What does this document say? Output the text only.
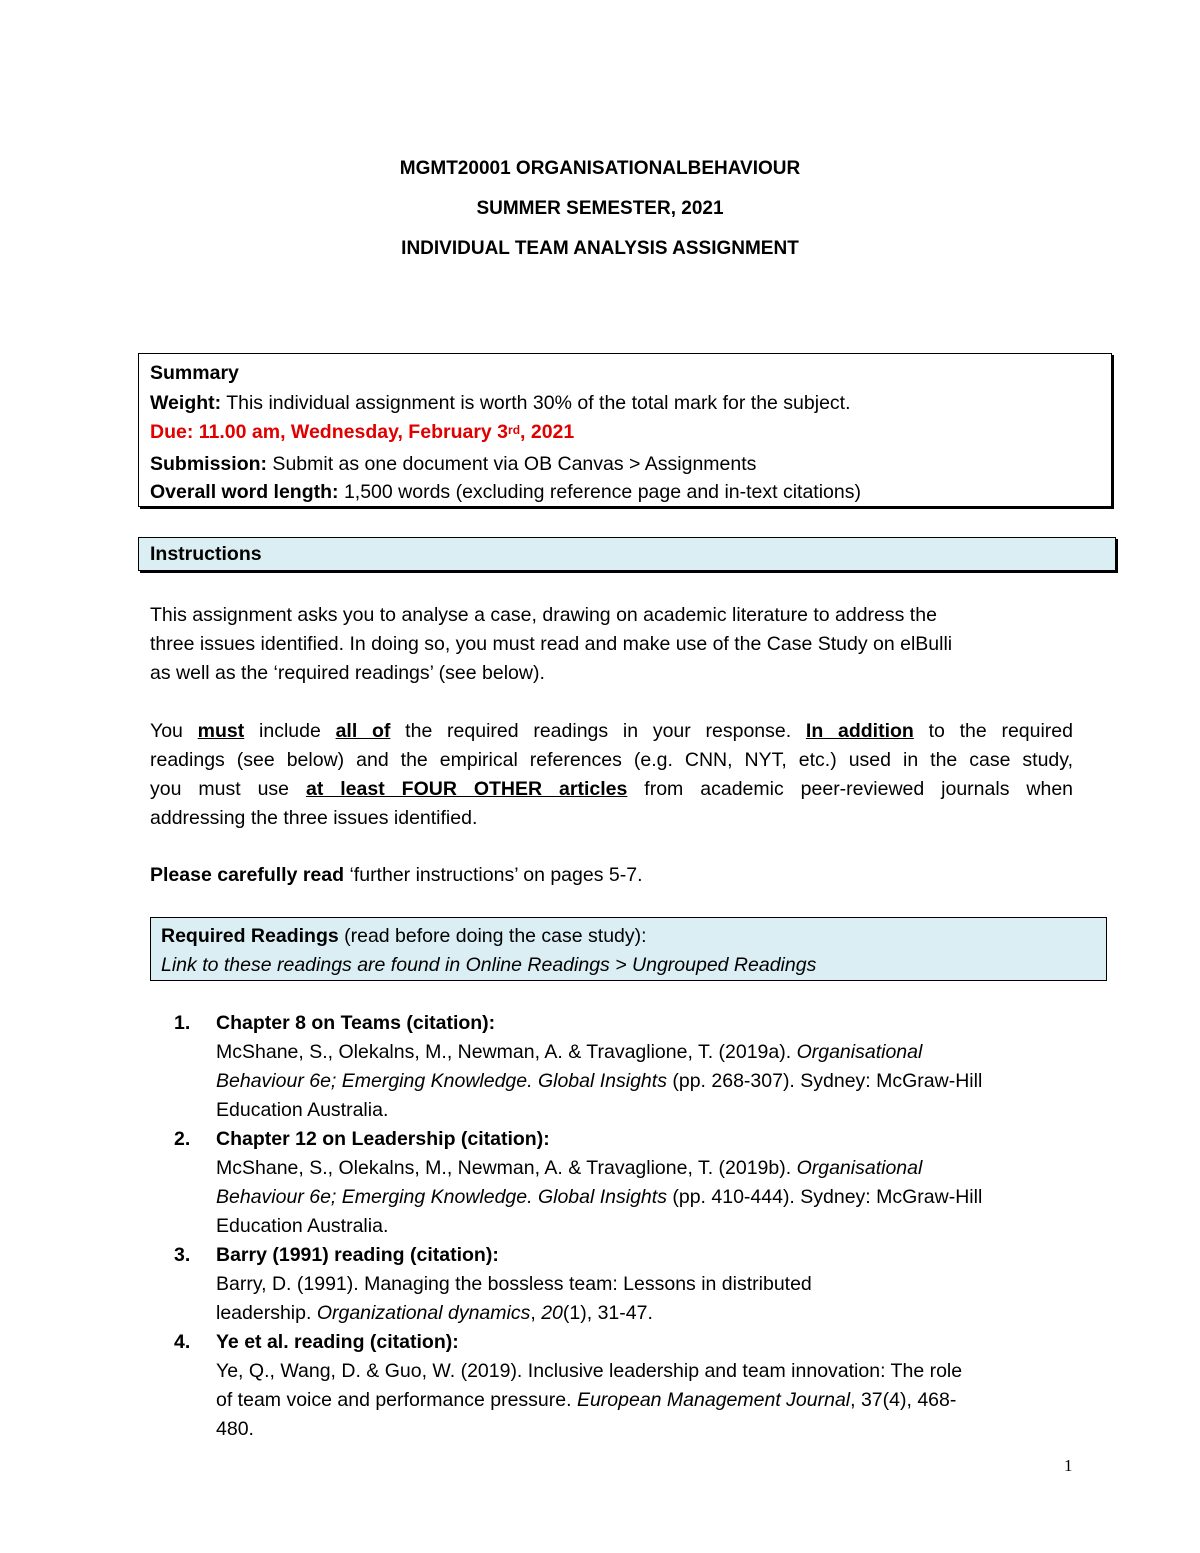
MGMT20001 ORGANISATIONALBEHAVIOUR
SUMMER SEMESTER, 2021
INDIVIDUAL TEAM ANALYSIS ASSIGNMENT
Summary
Weight: This individual assignment is worth 30% of the total mark for the subject.
Due: 11.00 am, Wednesday, February 3rd, 2021
Submission: Submit as one document via OB Canvas > Assignments
Overall word length: 1,500 words (excluding reference page and in-text citations)
Instructions
This assignment asks you to analyse a case, drawing on academic literature to address the
three issues identified. In doing so, you must read and make use of the Case Study on elBulli
as well as the ‘required readings’ (see below).
You must include all of the required readings in your response. In addition to the required
readings (see below) and the empirical references (e.g. CNN, NYT, etc.) used in the case study,
you must use at least FOUR OTHER articles from academic peer-reviewed journals when
addressing the three issues identified.
Please carefully read ‘further instructions’ on pages 5-7.
Required Readings (read before doing the case study):
Link to these readings are found in Online Readings > Ungrouped Readings
1. Chapter 8 on Teams (citation):
McShane, S., Olekalns, M., Newman, A. & Travaglione, T. (2019a). Organisational
Behaviour 6e; Emerging Knowledge. Global Insights (pp. 268-307). Sydney: McGraw-Hill
Education Australia.
2. Chapter 12 on Leadership (citation):
McShane, S., Olekalns, M., Newman, A. & Travaglione, T. (2019b). Organisational
Behaviour 6e; Emerging Knowledge. Global Insights (pp. 410-444). Sydney: McGraw-Hill
Education Australia.
3. Barry (1991) reading (citation):
Barry, D. (1991). Managing the bossless team: Lessons in distributed
leadership. Organizational dynamics, 20(1), 31-47.
4. Ye et al. reading (citation):
Ye, Q., Wang, D. & Guo, W. (2019). Inclusive leadership and team innovation: The role
of team voice and performance pressure. European Management Journal, 37(4), 468-
480.
1
